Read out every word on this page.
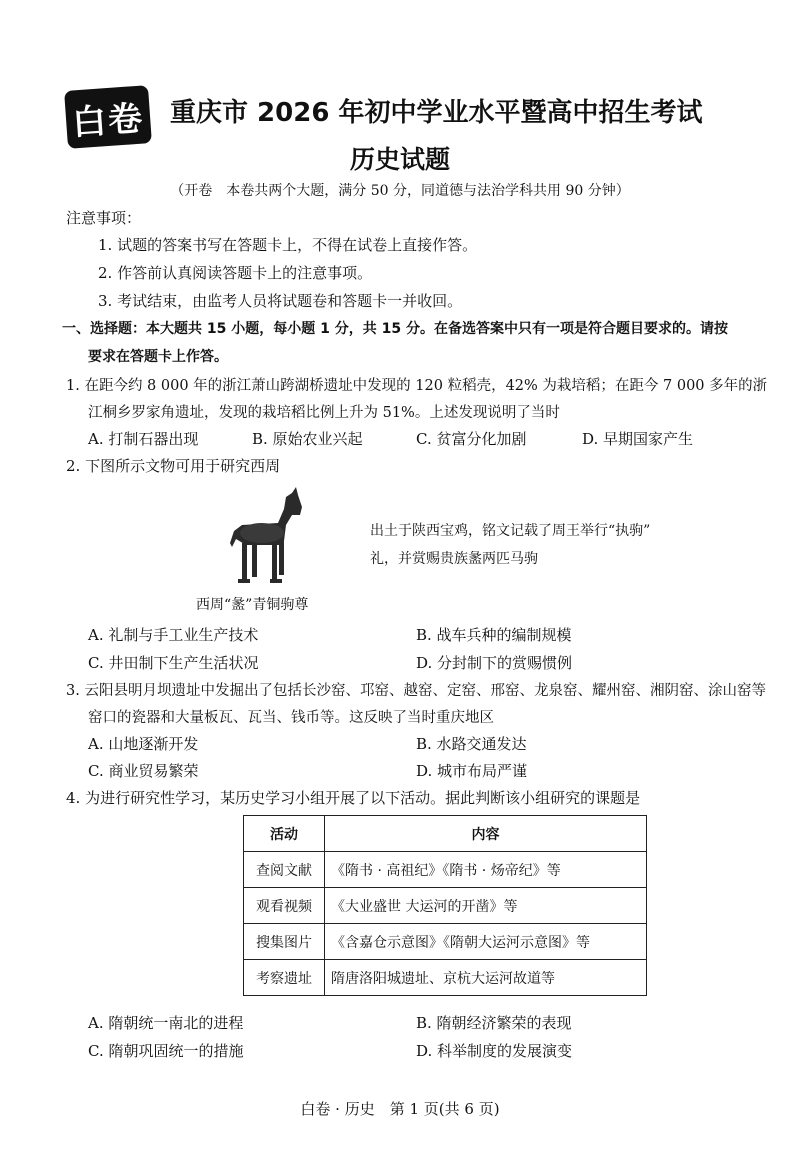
白卷 重庆市 2026 年初中学业水平暨高中招生考试
历史试题
（开卷　本卷共两个大题，满分 50 分，同道德与法治学科共用 90 分钟）
注意事项：
1. 试题的答案书写在答题卡上，不得在试卷上直接作答。
2. 作答前认真阅读答题卡上的注意事项。
3. 考试结束，由监考人员将试题卷和答题卡一并收回。
一、选择题：本大题共 15 小题，每小题 1 分，共 15 分。在备选答案中只有一项是符合题目要求的。请按
要求在答题卡上作答。
1. 在距今约 8 000 年的浙江萧山跨湖桥遗址中发现的 120 粒稻壳，42% 为栽培稻；在距今 7 000 多年的浙
江桐乡罗家角遗址，发现的栽培稻比例上升为 51%。上述发现说明了当时
A. 打制石器出现	B. 原始农业兴起	C. 贫富分化加剧	D. 早期国家产生
2. 下图所示文物可用于研究西周
出土于陕西宝鸡，铭文记载了周王举行“执驹”
礼，并赏赐贵族盠两匹马驹
西周“盠”青铜驹尊
A. 礼制与手工业生产技术	B. 战车兵种的编制规模
C. 井田制下生产生活状况	D. 分封制下的赏赐惯例
3. 云阳县明月坝遗址中发掘出了包括长沙窑、邛窑、越窑、定窑、邢窑、龙泉窑、耀州窑、湘阴窑、涂山窑等
窑口的瓷器和大量板瓦、瓦当、钱币等。这反映了当时重庆地区
A. 山地逐渐开发	B. 水路交通发达
C. 商业贸易繁荣	D. 城市布局严谨
4. 为进行研究性学习，某历史学习小组开展了以下活动。据此判断该小组研究的课题是
活动	内容
查阅文献	《隋书 · 高祖纪》《隋书 · 炀帝纪》等
观看视频	《大业盛世 大运河的开凿》等
搜集图片	《含嘉仓示意图》《隋朝大运河示意图》等
考察遗址	隋唐洛阳城遗址、京杭大运河故道等
A. 隋朝统一南北的进程	B. 隋朝经济繁荣的表现
C. 隋朝巩固统一的措施	D. 科举制度的发展演变
白卷 · 历史　第 1 页(共 6 页)
